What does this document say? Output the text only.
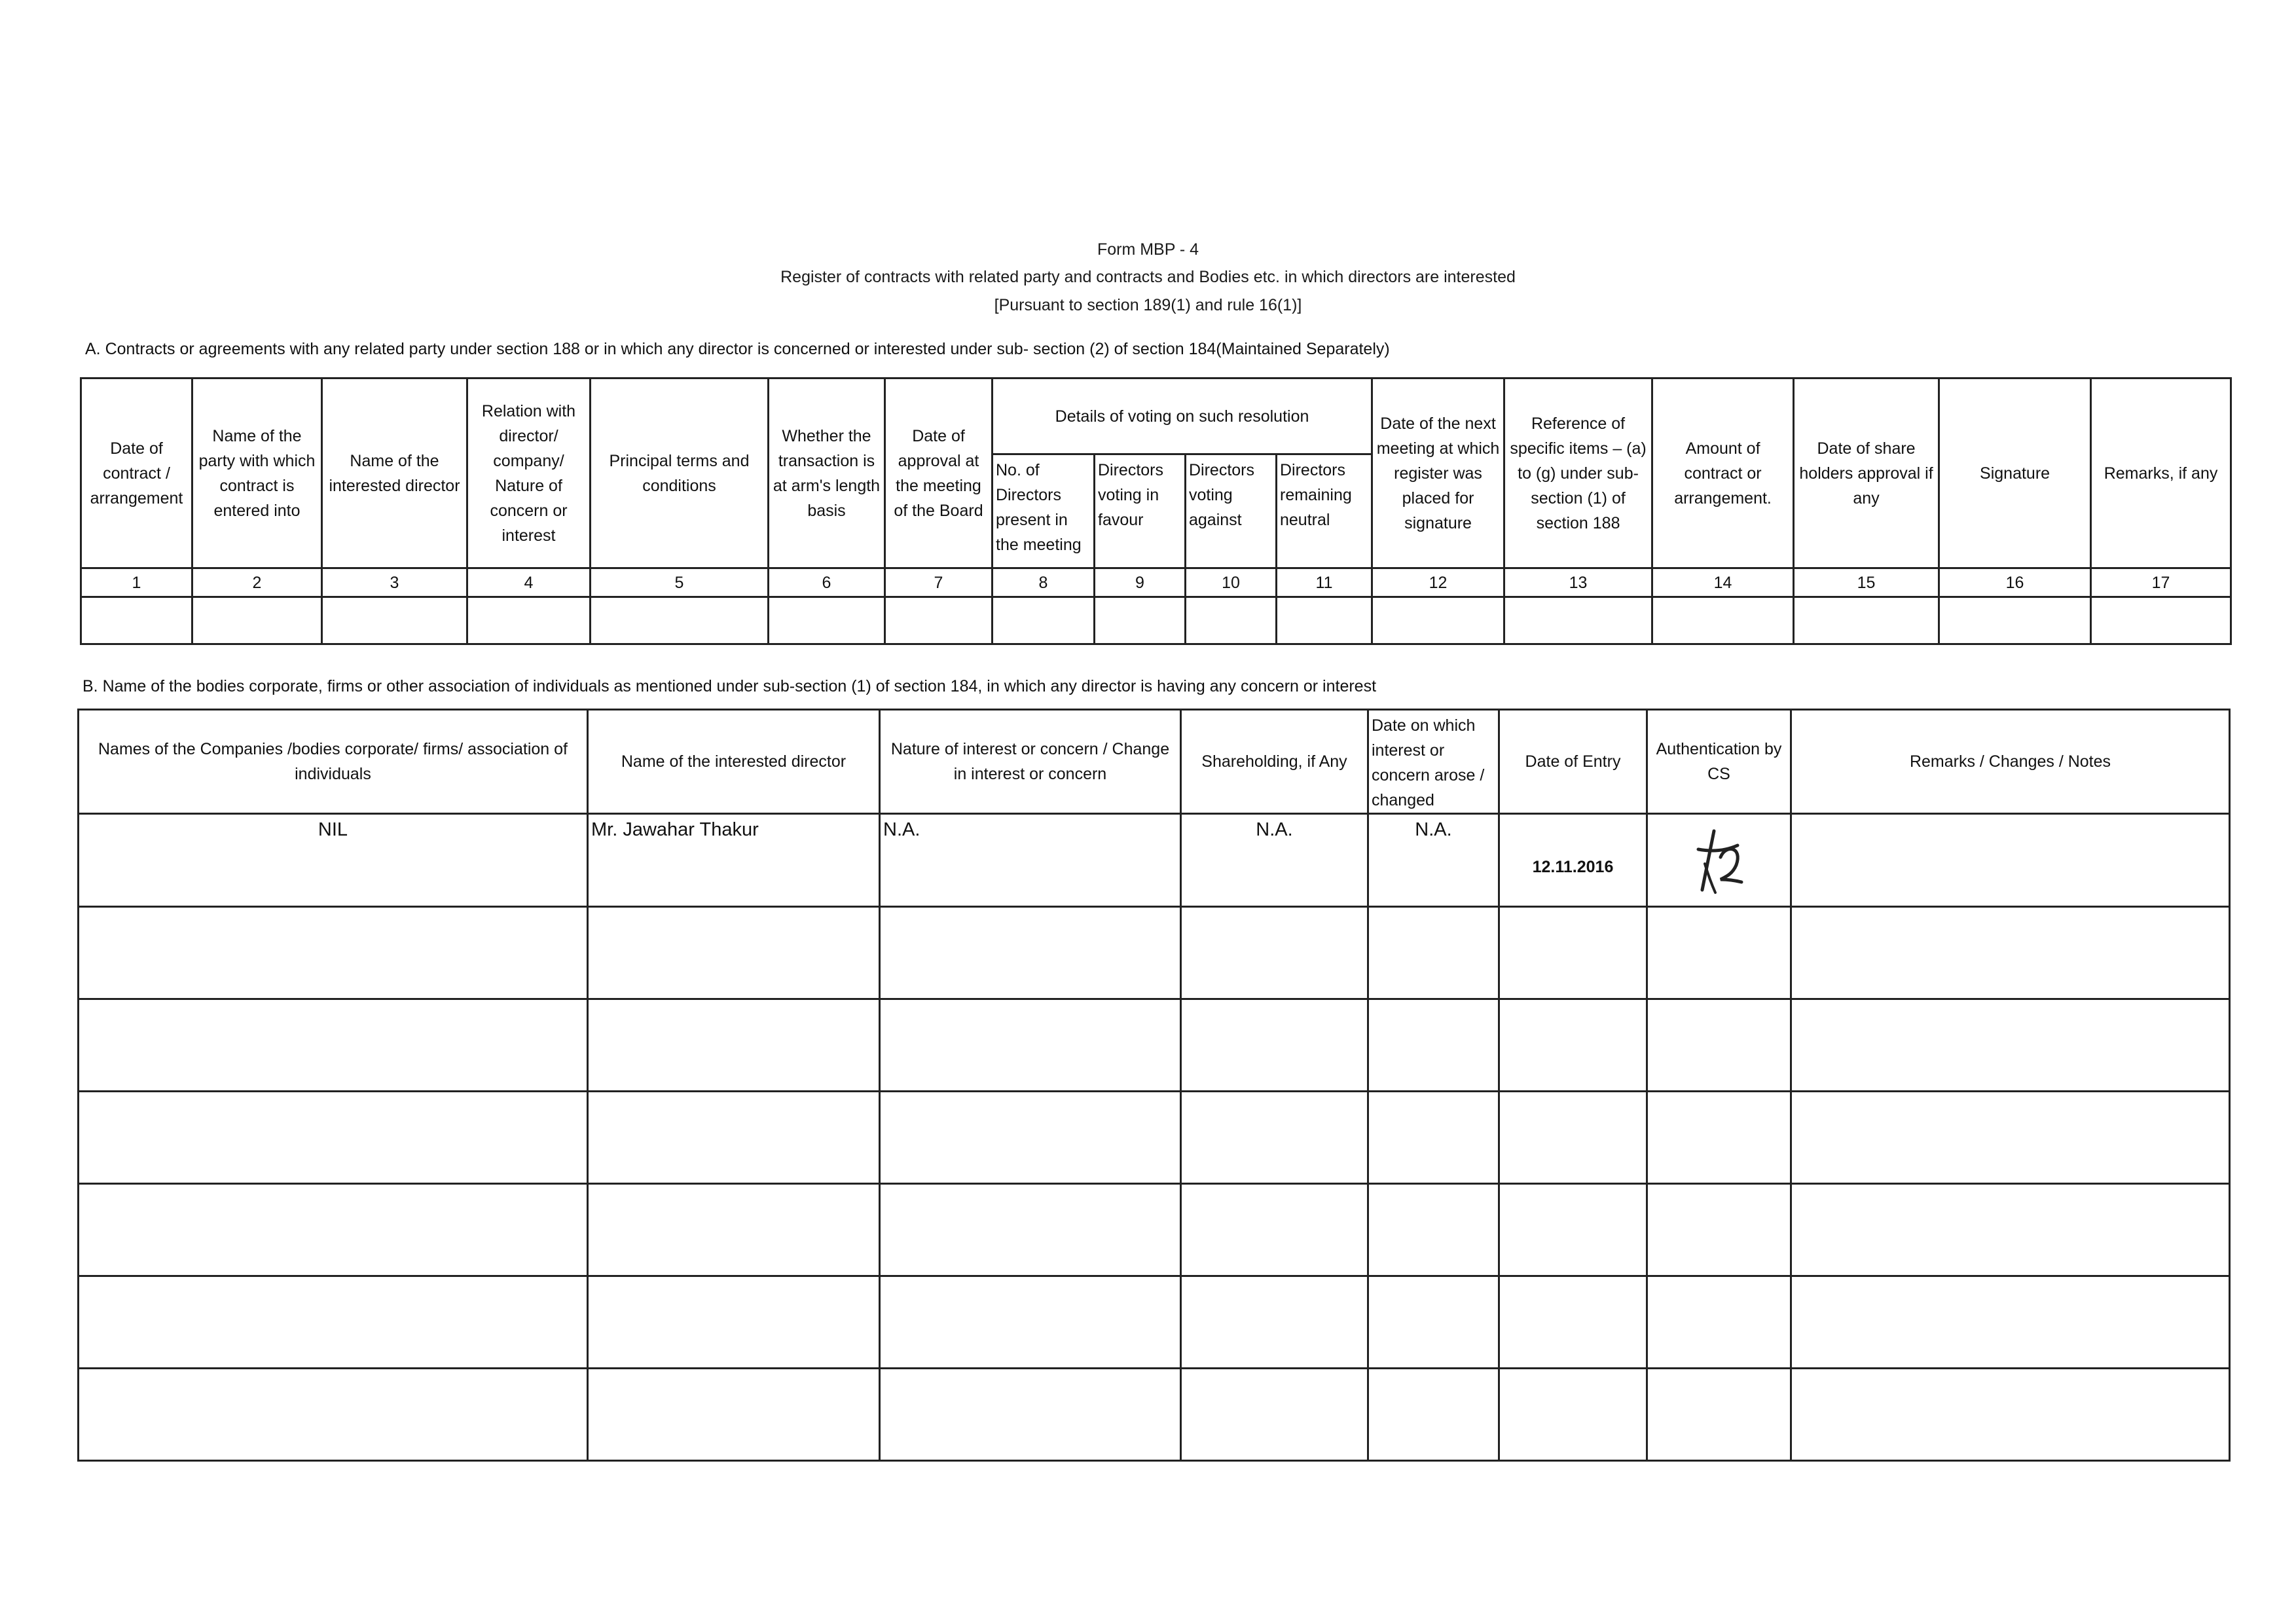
Form MBP - 4
Register of contracts with related party and contracts and Bodies etc. in which directors are interested
[Pursuant to section 189(1) and rule 16(1)]
A. Contracts or agreements with any related party under section 188 or in which any director is concerned or interested under sub- section (2) of section 184(Maintained Separately)
Date of contract / arrangement	Name of the party with which contract is entered into	Name of the interested director	Relation with director/ company/ Nature of concern or interest	Principal terms and conditions	Whether the transaction is at arm's length basis	Date of approval at the meeting of the Board	Details of voting on such resolution				Date of the next meeting at which register was placed for signature	Reference of specific items – (a) to (g) under sub-section (1) of section 188	Amount of contract or arrangement.	Date of share holders approval if any	Signature	Remarks, if any
							No. of Directors present in the meeting	Directors voting in favour	Directors voting against	Directors remaining neutral						
1	2	3	4	5	6	7	8	9	10	11	12	13	14	15	16	17

B. Name of the bodies corporate, firms or other association of individuals as mentioned under sub-section (1) of section 184, in which any director is having any concern or interest
Names of the Companies /bodies corporate/ firms/ association of individuals	Name of the interested director	Nature of interest or concern / Change in interest or concern	Shareholding, if Any	Date on which interest or concern arose / changed	Date of Entry	Authentication by CS	Remarks / Changes / Notes
NIL	Mr. Jawahar Thakur	N.A.	N.A.	N.A.	12.11.2016	
